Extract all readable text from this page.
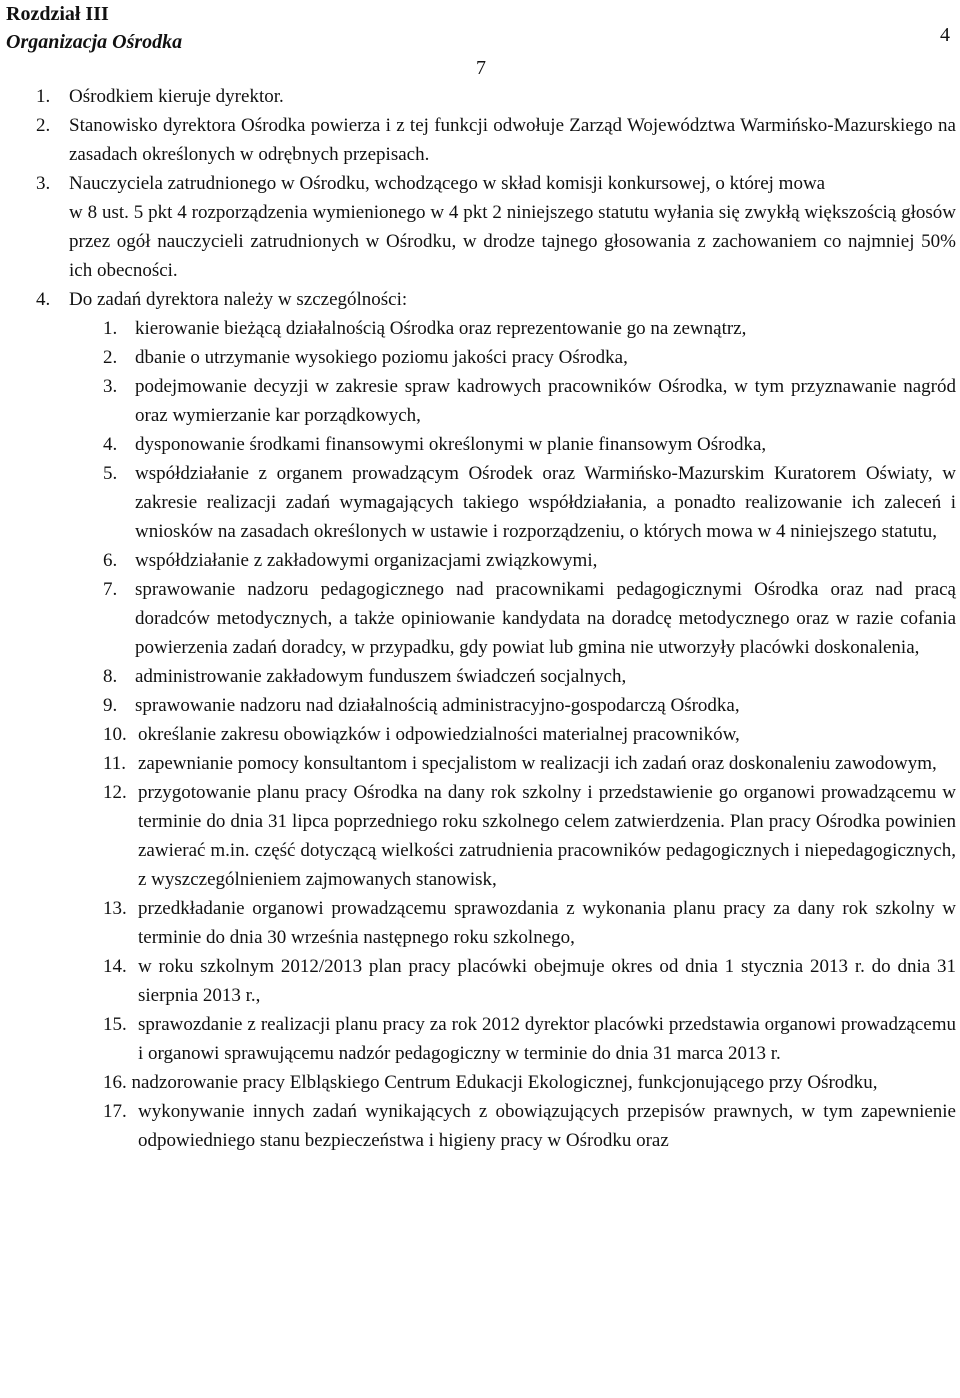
Rozdział III

Organizacja Ośrodka

7
1. Ośrodkiem kieruje dyrektor.
2. Stanowisko dyrektora Ośrodka powierza i z tej funkcji odwołuje Zarząd Województwa Warmińsko-Mazurskiego na zasadach określonych w odrębnych przepisach.
3. Nauczyciela zatrudnionego w Ośrodku, wchodzącego w skład komisji konkursowej, o której mowa
w 8 ust. 5 pkt 4 rozporządzenia wymienionego w 4 pkt 2 niniejszego statutu wyłania się zwykłą większością głosów przez ogół nauczycieli zatrudnionych w Ośrodku, w drodze tajnego głosowania z zachowaniem co najmniej 50% ich obecności.
4. Do zadań dyrektora należy w szczególności:
1. kierowanie bieżącą działalnością Ośrodka oraz reprezentowanie go na zewnątrz,
2. dbanie o utrzymanie wysokiego poziomu jakości pracy Ośrodka,
3. podejmowanie decyzji w zakresie spraw kadrowych pracowników Ośrodka, w tym przyznawanie nagród oraz wymierzanie kar porządkowych,
4. dysponowanie środkami finansowymi określonymi w planie finansowym Ośrodka,
5. współdziałanie z organem prowadzącym Ośrodek oraz Warmińsko-Mazurskim Kuratorem Oświaty, w zakresie realizacji zadań wymagających takiego współdziałania, a ponadto realizowanie ich zaleceń i wniosków na zasadach określonych w ustawie i rozporządzeniu, o których mowa w 4 niniejszego statutu,
6. współdziałanie z zakładowymi organizacjami związkowymi,
7. sprawowanie nadzoru pedagogicznego nad pracownikami pedagogicznymi Ośrodka oraz nad pracą doradców metodycznych, a także opiniowanie kandydata na doradcę metodycznego oraz w razie cofania powierzenia zadań doradcy, w przypadku, gdy powiat lub gmina nie utworzyły placówki doskonalenia,
8. administrowanie zakładowym funduszem świadczeń socjalnych,
9. sprawowanie nadzoru nad działalnością administracyjno-gospodarczą Ośrodka,
10. określanie zakresu obowiązków i odpowiedzialności materialnej pracowników,
11. zapewnianie pomocy konsultantom i specjalistom w realizacji ich zadań oraz doskonaleniu zawodowym,
12. przygotowanie planu pracy Ośrodka na dany rok szkolny i przedstawienie go organowi prowadzącemu w terminie do dnia 31 lipca poprzedniego roku szkolnego celem zatwierdzenia. Plan pracy Ośrodka powinien zawierać m.in. część dotyczącą wielkości zatrudnienia pracowników pedagogicznych i niepedagogicznych, z wyszczególnieniem zajmowanych stanowisk,
13. przedkładanie organowi prowadzącemu sprawozdania z wykonania planu pracy za dany rok szkolny w terminie do dnia 30 września następnego roku szkolnego,
14. w roku szkolnym 2012/2013 plan pracy placówki obejmuje okres od dnia 1 stycznia 2013 r. do dnia 31 sierpnia 2013 r.,
15. sprawozdanie z realizacji planu pracy za rok 2012 dyrektor placówki przedstawia organowi prowadzącemu i organowi sprawującemu nadzór pedagogiczny w terminie do dnia 31 marca 2013 r.
16. nadzorowanie pracy Elbląskiego Centrum Edukacji Ekologicznej, funkcjonującego przy Ośrodku,
17. wykonywanie innych zadań wynikających z obowiązujących przepisów prawnych, w tym zapewnienie odpowiedniego stanu bezpieczeństwa i higieny pracy w Ośrodku oraz
4
